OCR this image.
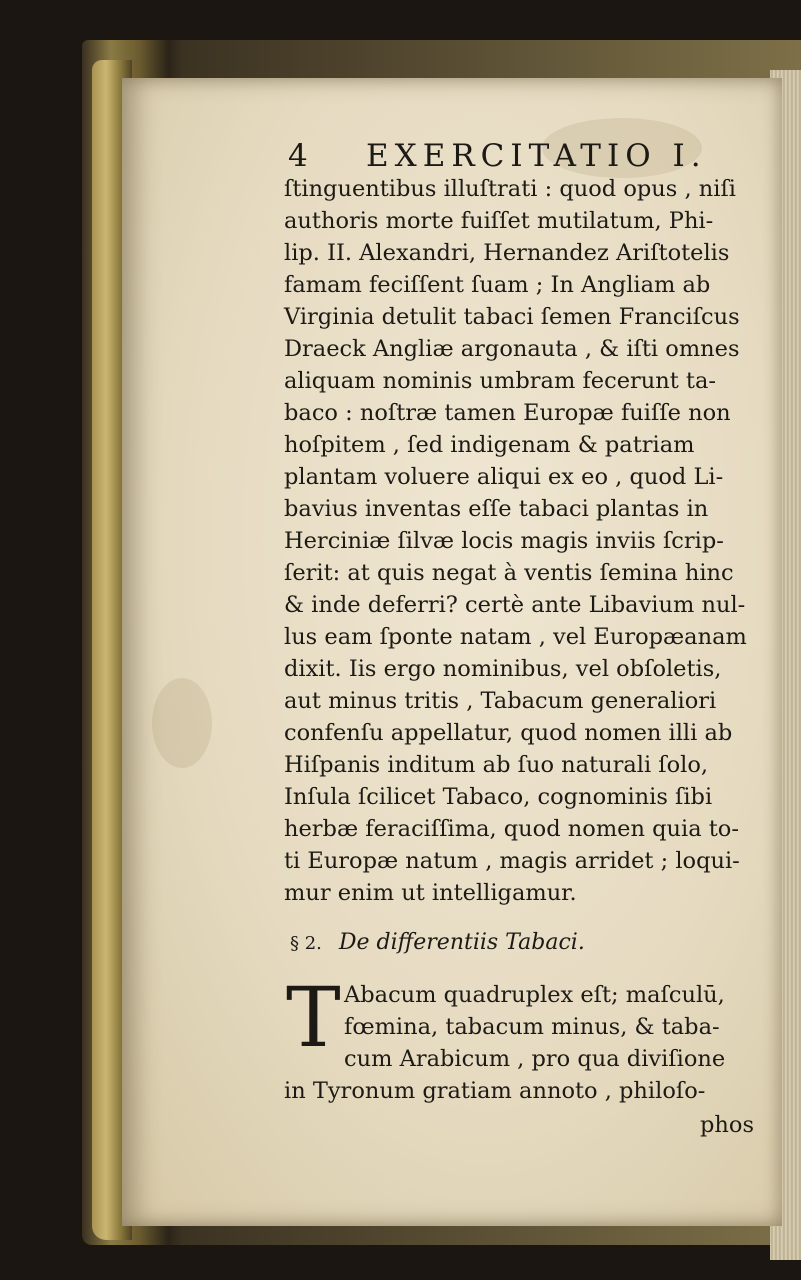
4 EXERCITATIO I.
ſtinguentibus illuſtrati : quod opus , niſi
authoris morte fuiſſet mutilatum, Phi-
lip. II. Alexandri, Hernandez Ariſtotelis
famam feciſſent ſuam ; In Angliam ab
Virginia detulit tabaci ſemen Franciſcus
Draeck Angliæ argonauta , & iſti omnes
aliquam nominis umbram fecerunt ta-
baco : noſtræ tamen Europæ fuiſſe non
hoſpitem , ſed indigenam & patriam
plantam voluere aliqui ex eo , quod Li-
bavius inventas eſſe tabaci plantas in
Herciniæ ſilvæ locis magis inviis ſcrip-
ſerit: at quis negat à ventis ſemina hinc
& inde deferri? certè ante Libavium nul-
lus eam ſponte natam , vel Europæanam
dixit. Iis ergo nominibus, vel obſoletis,
aut minus tritis , Tabacum generaliori
confenſu appellatur, quod nomen illi ab
Hiſpanis inditum ab ſuo naturali ſolo,
Inſula ſcilicet Tabaco, cognominis ſibi
herbæ feraciſſima, quod nomen quia to-
ti Europæ natum , magis arridet ; loqui-
mur enim ut intelligamur.
§ 2. De differentiis Tabaci.
T Abacum quadruplex eſt; maſculū,
fœmina, tabacum minus, & taba-
cum Arabicum , pro qua diviſione
in Tyronum gratiam annoto , philoſo-
phos
